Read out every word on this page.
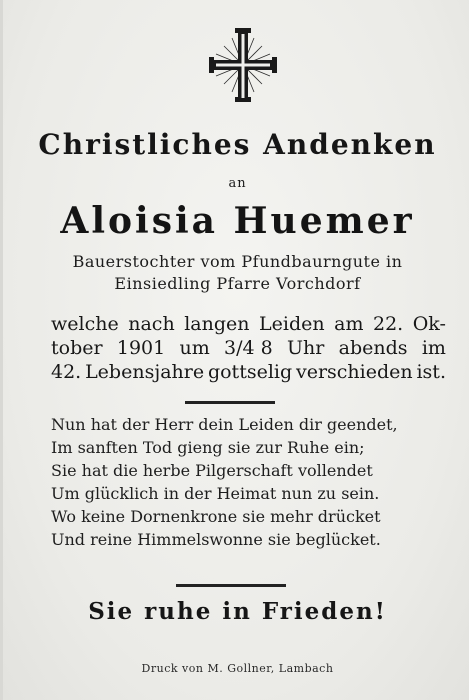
Christliches Andenken
an
Aloisia Huemer
Bauerstochter vom Pfundbaurngute in
Einsiedling Pfarre Vorchdorf
welche nach langen Leiden am 22. Ok-
tober 1901 um 3/4 8 Uhr abends im
42. Lebensjahre gottselig verschieden ist.
Nun hat der Herr dein Leiden dir geendet,
Im sanften Tod gieng sie zur Ruhe ein;
Sie hat die herbe Pilgerschaft vollendet
Um glücklich in der Heimat nun zu sein.
Wo keine Dornenkrone sie mehr drücket
Und reine Himmelswonne sie beglücket.
Sie ruhe in Frieden!
Druck von M. Gollner, Lambach
